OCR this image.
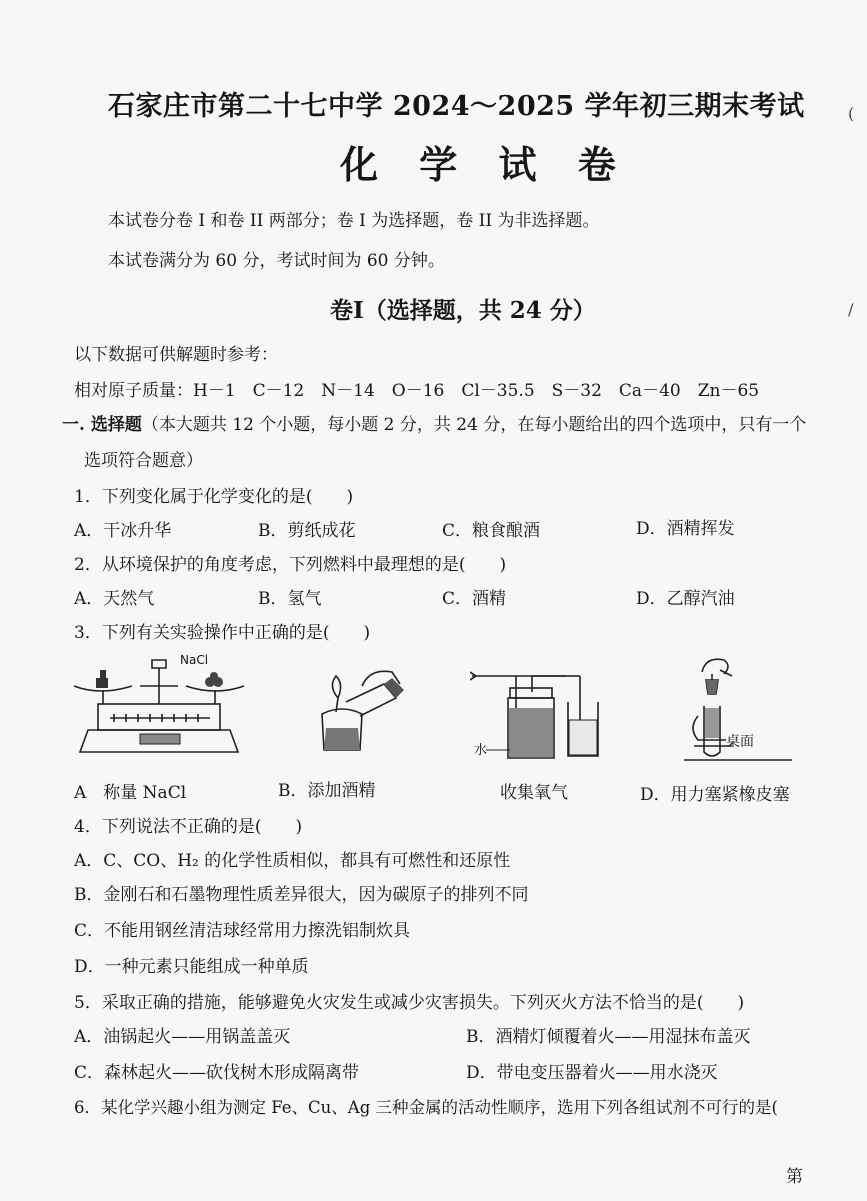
石家庄市第二十七中学 2024～2025 学年初三期末考试
化 学 试 卷
本试卷分卷 I 和卷 II 两部分；卷 I 为选择题，卷 II 为非选择题。
本试卷满分为 60 分，考试时间为 60 分钟。
卷I（选择题，共 24 分）
以下数据可供解题时参考：
相对原子质量：H－1　C－12　N－14　O－16　Cl－35.5　S－32　Ca－40　Zn－65
一. 选择题（本大题共 12 个小题，每小题 2 分，共 24 分，在每小题给出的四个选项中，只有一个
选项符合题意）
1．下列变化属于化学变化的是(　　)
A．干冰升华	B．剪纸成花	C．粮食酿酒	D．酒精挥发
2．从环境保护的角度考虑，下列燃料中最理想的是(　　)
A．天然气	B．氢气	C．酒精	D．乙醇汽油
3．下列有关实验操作中正确的是(　　)
NaCl
水
桌面
A　称量 NaCl	B．添加酒精	收集氧气	D．用力塞紧橡皮塞
4．下列说法不正确的是(　　)
A．C、CO、H₂ 的化学性质相似，都具有可燃性和还原性
B．金刚石和石墨物理性质差异很大，因为碳原子的排列不同
C．不能用钢丝清洁球经常用力擦洗铝制炊具
D．一种元素只能组成一种单质
5．采取正确的措施，能够避免火灾发生或减少灾害损失。下列灭火方法不恰当的是(　　)
A．油锅起火——用锅盖盖灭	B．酒精灯倾覆着火——用湿抹布盖灭
C．森林起火——砍伐树木形成隔离带	D．带电变压器着火——用水浇灭
6．某化学兴趣小组为测定 Fe、Cu、Ag 三种金属的活动性顺序，选用下列各组试剂不可行的是(
第
(
/
